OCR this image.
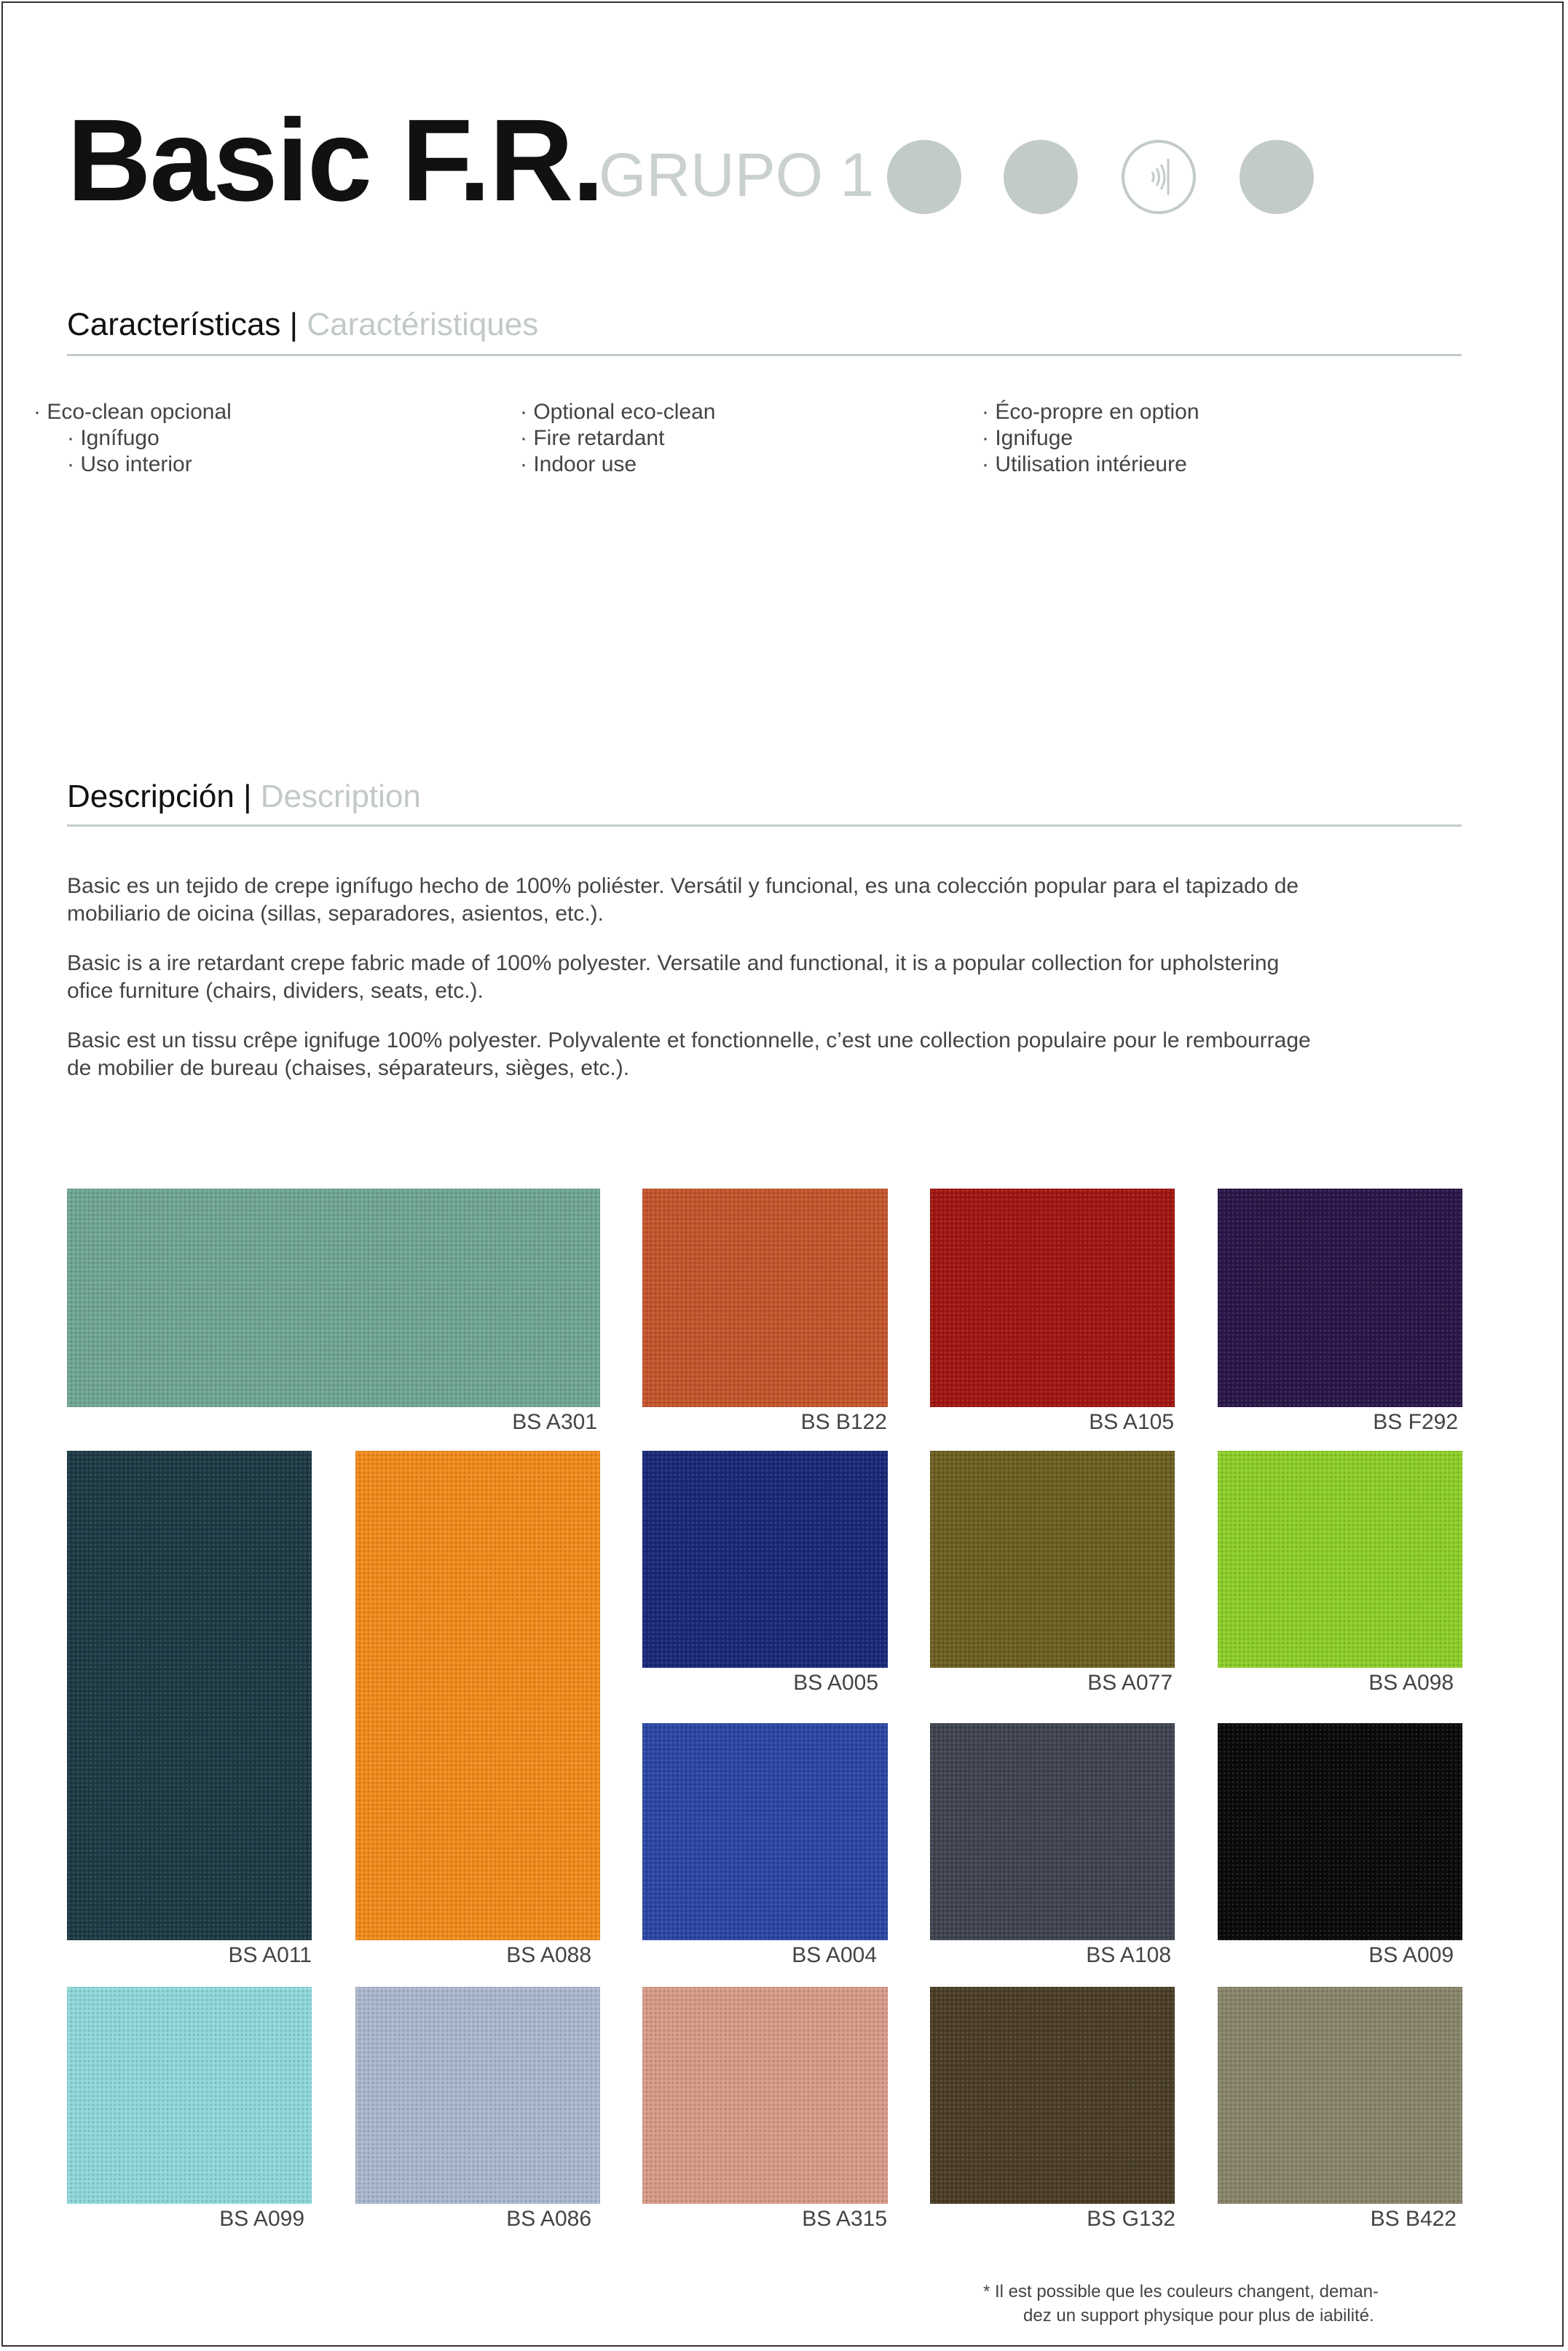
Basic F.R.
GRUPO 1
Características | Caractéristiques
· Eco-clean opcional
· Ignífugo
· Uso interior
· Optional eco-clean
· Fire retardant
· Indoor use
· Éco-propre en option
· Ignifuge
· Utilisation intérieure
Descripción | Description
Basic es un tejido de crepe ignífugo hecho de 100% poliéster. Versátil y funcional, es una colección popular para el tapizado de
mobiliario de oicina (sillas, separadores, asientos, etc.).
Basic is a ire retardant crepe fabric made of 100% polyester. Versatile and functional, it is a popular collection for upholstering
ofice furniture (chairs, dividers, seats, etc.).
Basic est un tissu crêpe ignifuge 100% polyester. Polyvalente et fonctionnelle, c’est une collection populaire pour le rembourrage
de mobilier de bureau (chaises, séparateurs, sièges, etc.).
BS A301	BS B122	BS A105	BS F292
BS A011	BS A088
BS A005	BS A077	BS A098
BS A004	BS A108	BS A009
BS A099	BS A086	BS A315	BS G132	BS B422
* Il est possible que les couleurs changent, deman-
dez un support physique pour plus de iabilité.
